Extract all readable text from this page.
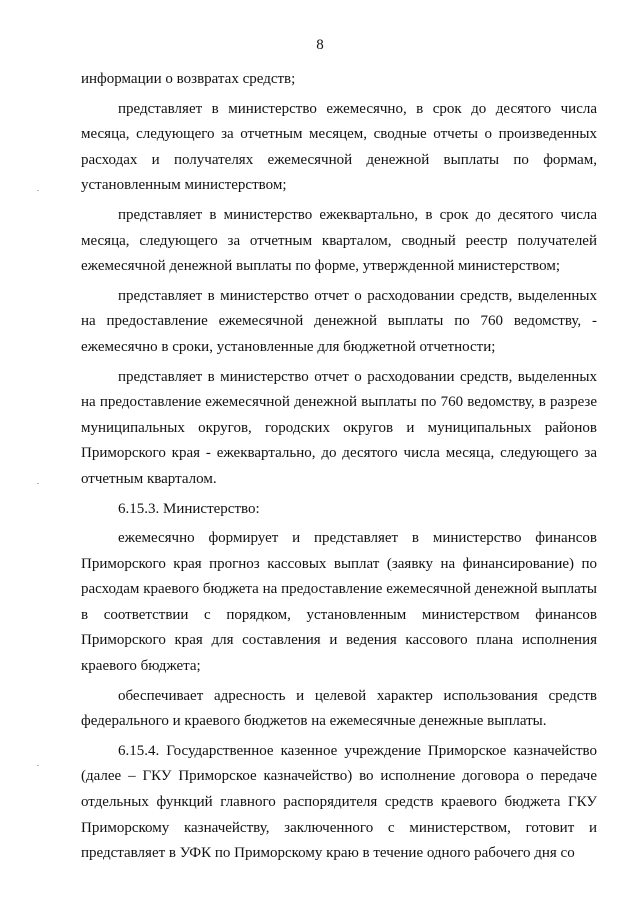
8

информации о возвратах средств;

представляет в министерство ежемесячно, в срок до десятого числа месяца, следующего за отчетным месяцем, сводные отчеты о произведенных расходах и получателях ежемесячной денежной выплаты по формам, установленным министерством;

представляет в министерство ежеквартально, в срок до десятого числа месяца, следующего за отчетным кварталом, сводный реестр получателей ежемесячной денежной выплаты по форме, утвержденной министерством;

представляет в министерство отчет о расходовании средств, выделенных на предоставление ежемесячной денежной выплаты по 760 ведомству, - ежемесячно в сроки, установленные для бюджетной отчетности;

представляет в министерство отчет о расходовании средств, выделенных на предоставление ежемесячной денежной выплаты по 760 ведомству, в разрезе муниципальных округов, городских округов и муниципальных районов Приморского края - ежеквартально, до десятого числа месяца, следующего за отчетным кварталом.

6.15.3. Министерство:

ежемесячно формирует и представляет в министерство финансов Приморского края прогноз кассовых выплат (заявку на финансирование) по расходам краевого бюджета на предоставление ежемесячной денежной выплаты в соответствии с порядком, установленным министерством финансов Приморского края для составления и ведения кассового плана исполнения краевого бюджета;

обеспечивает адресность и целевой характер использования средств федерального и краевого бюджетов на ежемесячные денежные выплаты.

6.15.4. Государственное казенное учреждение Приморское казначейство (далее – ГКУ Приморское казначейство) во исполнение договора о передаче отдельных функций главного распорядителя средств краевого бюджета ГКУ Приморскому казначейству, заключенного с министерством, готовит и представляет в УФК по Приморскому краю в течение одного рабочего дня со
